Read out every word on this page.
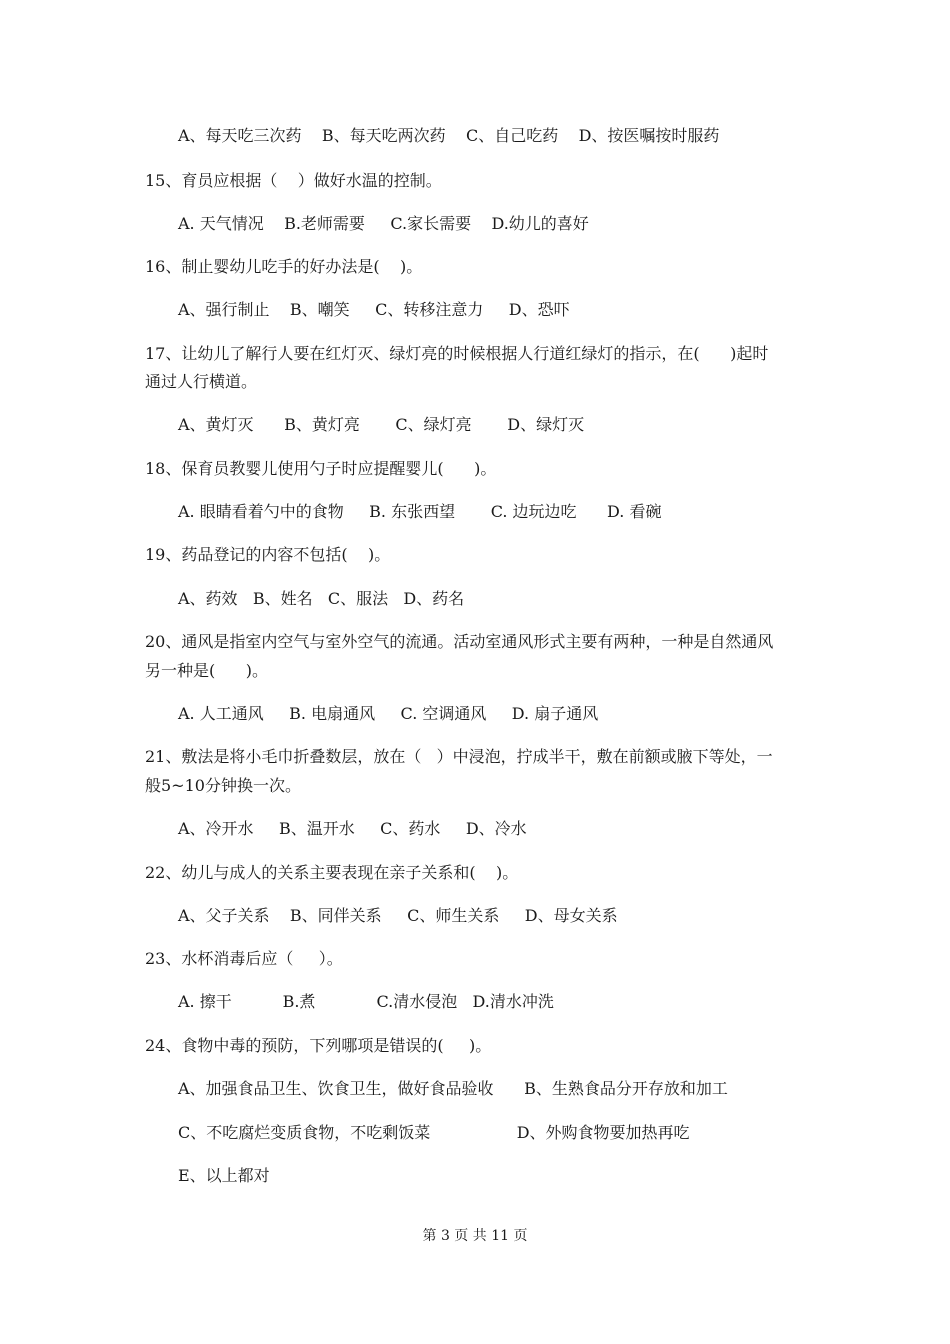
A、每天吃三次药    B、每天吃两次药    C、自己吃药    D、按医嘱按时服药
15、育员应根据（    ）做好水温的控制。
A. 天气情况    B.老师需要     C.家长需要    D.幼儿的喜好
16、制止婴幼儿吃手的好办法是(    )。
A、强行制止    B、嘲笑     C、转移注意力     D、恐吓
17、让幼儿了解行人要在红灯灭、绿灯亮的时候根据人行道红绿灯的指示，在(      )起时
通过人行横道。
A、黄灯灭      B、黄灯亮       C、绿灯亮       D、绿灯灭
18、保育员教婴儿使用勺子时应提醒婴儿(      )。
A. 眼睛看着勺中的食物     B. 东张西望       C. 边玩边吃      D. 看碗
19、药品登记的内容不包括(    )。
A、药效   B、姓名   C、服法   D、药名
20、通风是指室内空气与室外空气的流通。活动室通风形式主要有两种，一种是自然通风
另一种是(      )。
A. 人工通风     B. 电扇通风     C. 空调通风     D. 扇子通风
21、敷法是将小毛巾折叠数层，放在（   ）中浸泡，拧成半干，敷在前额或腋下等处，一
般5~10分钟换一次。
A、冷开水     B、温开水     C、药水     D、冷水
22、幼儿与成人的关系主要表现在亲子关系和(    )。
A、父子关系    B、同伴关系     C、师生关系     D、母女关系
23、水杯消毒后应（     ）。
A. 擦干          B.煮            C.清水侵泡   D.清水冲洗
24、食物中毒的预防，下列哪项是错误的(     )。
A、加强食品卫生、饮食卫生，做好食品验收      B、生熟食品分开存放和加工
C、不吃腐烂变质食物，不吃剩饭菜                 D、外购食物要加热再吃
E、以上都对
第 3 页 共 11 页
